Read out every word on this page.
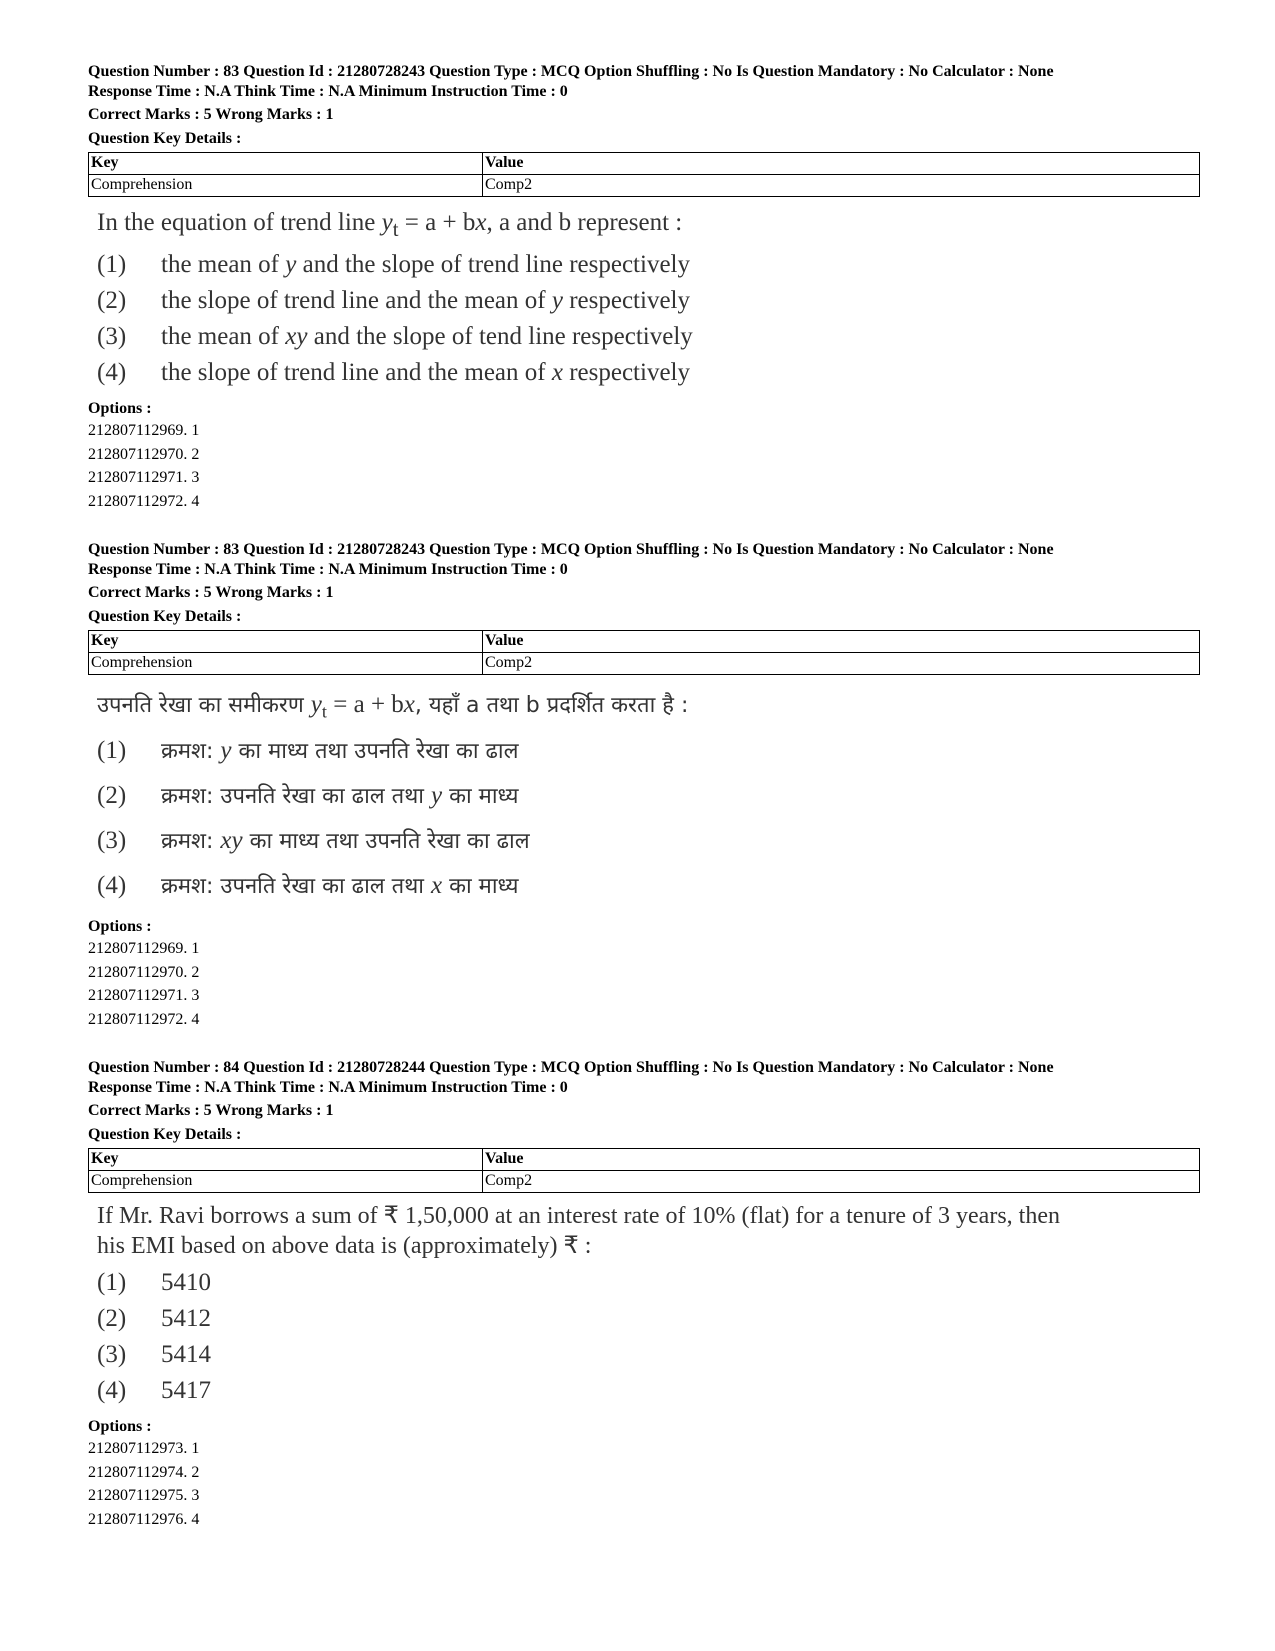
Question Number : 83 Question Id : 21280728243 Question Type : MCQ Option Shuffling : No Is Question Mandatory : No Calculator : None
Response Time : N.A Think Time : N.A Minimum Instruction Time : 0
Correct Marks : 5 Wrong Marks : 1
Question Key Details :
Key	Value
Comprehension	Comp2
In the equation of trend line $y_t = a$ + bx, a and b represent :
(1)	the mean of y and the slope of trend line respectively
(2)	the slope of trend line and the mean of y respectively
(3)	the mean of xy and the slope of tend line respectively
(4)	the slope of trend line and the mean of x respectively
Options :
212807112969. 1
212807112970. 2
212807112971. 3
212807112972. 4
Question Number : 83 Question Id : 21280728243 Question Type : MCQ Option Shuffling : No Is Question Mandatory : No Calculator : None
Response Time : N.A Think Time : N.A Minimum Instruction Time : 0
Correct Marks : 5 Wrong Marks : 1
Question Key Details :
Key	Value
Comprehension	Comp2
उपनति रेखा का समीकरण $y_t = a$ + bx, यहाँ a तथा b प्रदर्शित करता है :
(1)	क्रमश: y का माध्य तथा उपनति रेखा का ढाल
(2)	क्रमश: उपनति रेखा का ढाल तथा y का माध्य
(3)	क्रमश: xy का माध्य तथा उपनति रेखा का ढाल
(4)	क्रमश: उपनति रेखा का ढाल तथा x का माध्य
Options :
212807112969. 1
212807112970. 2
212807112971. 3
212807112972. 4
Question Number : 84 Question Id : 21280728244 Question Type : MCQ Option Shuffling : No Is Question Mandatory : No Calculator : None
Response Time : N.A Think Time : N.A Minimum Instruction Time : 0
Correct Marks : 5 Wrong Marks : 1
Question Key Details :
Key	Value
Comprehension	Comp2
If Mr. Ravi borrows a sum of ₹ 1,50,000 at an interest rate of 10% (flat) for a tenure of 3 years, then
his EMI based on above data is (approximately) ₹ :
(1)	5410
(2)	5412
(3)	5414
(4)	5417
Options :
212807112973. 1
212807112974. 2
212807112975. 3
212807112976. 4
